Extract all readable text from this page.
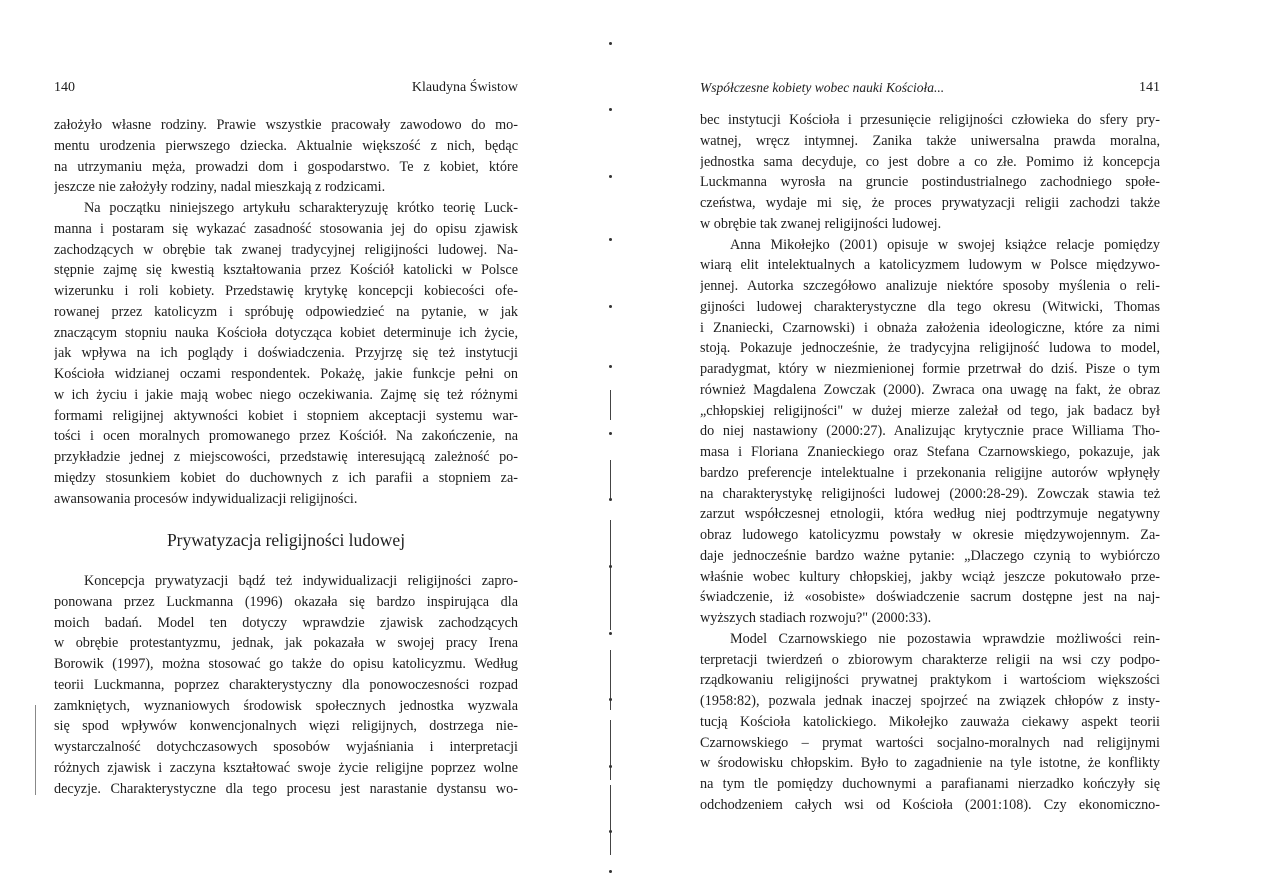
140	Klaudyna Świstow
założyło własne rodziny. Prawie wszystkie pracowały zawodowo do mo-
mentu urodzenia pierwszego dziecka. Aktualnie większość z nich, będąc
na utrzymaniu męża, prowadzi dom i gospodarstwo. Te z kobiet, które
jeszcze nie założyły rodziny, nadal mieszkają z rodzicami.
Na początku niniejszego artykułu scharakteryzuję krótko teorię Luck-
manna i postaram się wykazać zasadność stosowania jej do opisu zjawisk
zachodzących w obrębie tak zwanej tradycyjnej religijności ludowej. Na-
stępnie zajmę się kwestią kształtowania przez Kościół katolicki w Polsce
wizerunku i roli kobiety. Przedstawię krytykę koncepcji kobiecości ofe-
rowanej przez katolicyzm i spróbuję odpowiedzieć na pytanie, w jak
znaczącym stopniu nauka Kościoła dotycząca kobiet determinuje ich życie,
jak wpływa na ich poglądy i doświadczenia. Przyjrzę się też instytucji
Kościoła widzianej oczami respondentek. Pokażę, jakie funkcje pełni on
w ich życiu i jakie mają wobec niego oczekiwania. Zajmę się też różnymi
formami religijnej aktywności kobiet i stopniem akceptacji systemu war-
tości i ocen moralnych promowanego przez Kościół. Na zakończenie, na
przykładzie jednej z miejscowości, przedstawię interesującą zależność po-
między stosunkiem kobiet do duchownych z ich parafii a stopniem za-
awansowania procesów indywidualizacji religijności.
Prywatyzacja religijności ludowej
Koncepcja prywatyzacji bądź też indywidualizacji religijności zapro-
ponowana przez Luckmanna (1996) okazała się bardzo inspirująca dla
moich badań. Model ten dotyczy wprawdzie zjawisk zachodzących
w obrębie protestantyzmu, jednak, jak pokazała w swojej pracy Irena
Borowik (1997), można stosować go także do opisu katolicyzmu. Według
teorii Luckmanna, poprzez charakterystyczny dla ponowoczesności rozpad
zamkniętych, wyznaniowych środowisk społecznych jednostka wyzwala
się spod wpływów konwencjonalnych więzi religijnych, dostrzega nie-
wystarczalność dotychczasowych sposobów wyjaśniania i interpretacji
różnych zjawisk i zaczyna kształtować swoje życie religijne poprzez wolne
decyzje. Charakterystyczne dla tego procesu jest narastanie dystansu wo-
Współczesne kobiety wobec nauki Kościoła...	141
bec instytucji Kościoła i przesunięcie religijności człowieka do sfery pry-
watnej, wręcz intymnej. Zanika także uniwersalna prawda moralna,
jednostka sama decyduje, co jest dobre a co złe. Pomimo iż koncepcja
Luckmanna wyrosła na gruncie postindustrialnego zachodniego społe-
czeństwa, wydaje mi się, że proces prywatyzacji religii zachodzi także
w obrębie tak zwanej religijności ludowej.
Anna Mikołejko (2001) opisuje w swojej książce relacje pomiędzy
wiarą elit intelektualnych a katolicyzmem ludowym w Polsce międzywo-
jennej. Autorka szczegółowo analizuje niektóre sposoby myślenia o reli-
gijności ludowej charakterystyczne dla tego okresu (Witwicki, Thomas
i Znaniecki, Czarnowski) i obnaża założenia ideologiczne, które za nimi
stoją. Pokazuje jednocześnie, że tradycyjna religijność ludowa to model,
paradygmat, który w niezmienionej formie przetrwał do dziś. Pisze o tym
również Magdalena Zowczak (2000). Zwraca ona uwagę na fakt, że obraz
„chłopskiej religijności" w dużej mierze zależał od tego, jak badacz był
do niej nastawiony (2000:27). Analizując krytycznie prace Williama Tho-
masa i Floriana Znanieckiego oraz Stefana Czarnowskiego, pokazuje, jak
bardzo preferencje intelektualne i przekonania religijne autorów wpłynęły
na charakterystykę religijności ludowej (2000:28-29). Zowczak stawia też
zarzut współczesnej etnologii, która według niej podtrzymuje negatywny
obraz ludowego katolicyzmu powstały w okresie międzywojennym. Za-
daje jednocześnie bardzo ważne pytanie: „Dlaczego czynią to wybiórczo
właśnie wobec kultury chłopskiej, jakby wciąż jeszcze pokutowało prze-
świadczenie, iż «osobiste» doświadczenie sacrum dostępne jest na naj-
wyższych stadiach rozwoju?" (2000:33).
Model Czarnowskiego nie pozostawia wprawdzie możliwości rein-
terpretacji twierdzeń o zbiorowym charakterze religii na wsi czy podpo-
rządkowaniu religijności prywatnej praktykom i wartościom większości
(1958:82), pozwala jednak inaczej spojrzeć na związek chłopów z insty-
tucją Kościoła katolickiego. Mikołejko zauważa ciekawy aspekt teorii
Czarnowskiego – prymat wartości socjalno-moralnych nad religijnymi
w środowisku chłopskim. Było to zagadnienie na tyle istotne, że konflikty
na tym tle pomiędzy duchownymi a parafianami nierzadko kończyły się
odchodzeniem całych wsi od Kościoła (2001:108). Czy ekonomiczno-
